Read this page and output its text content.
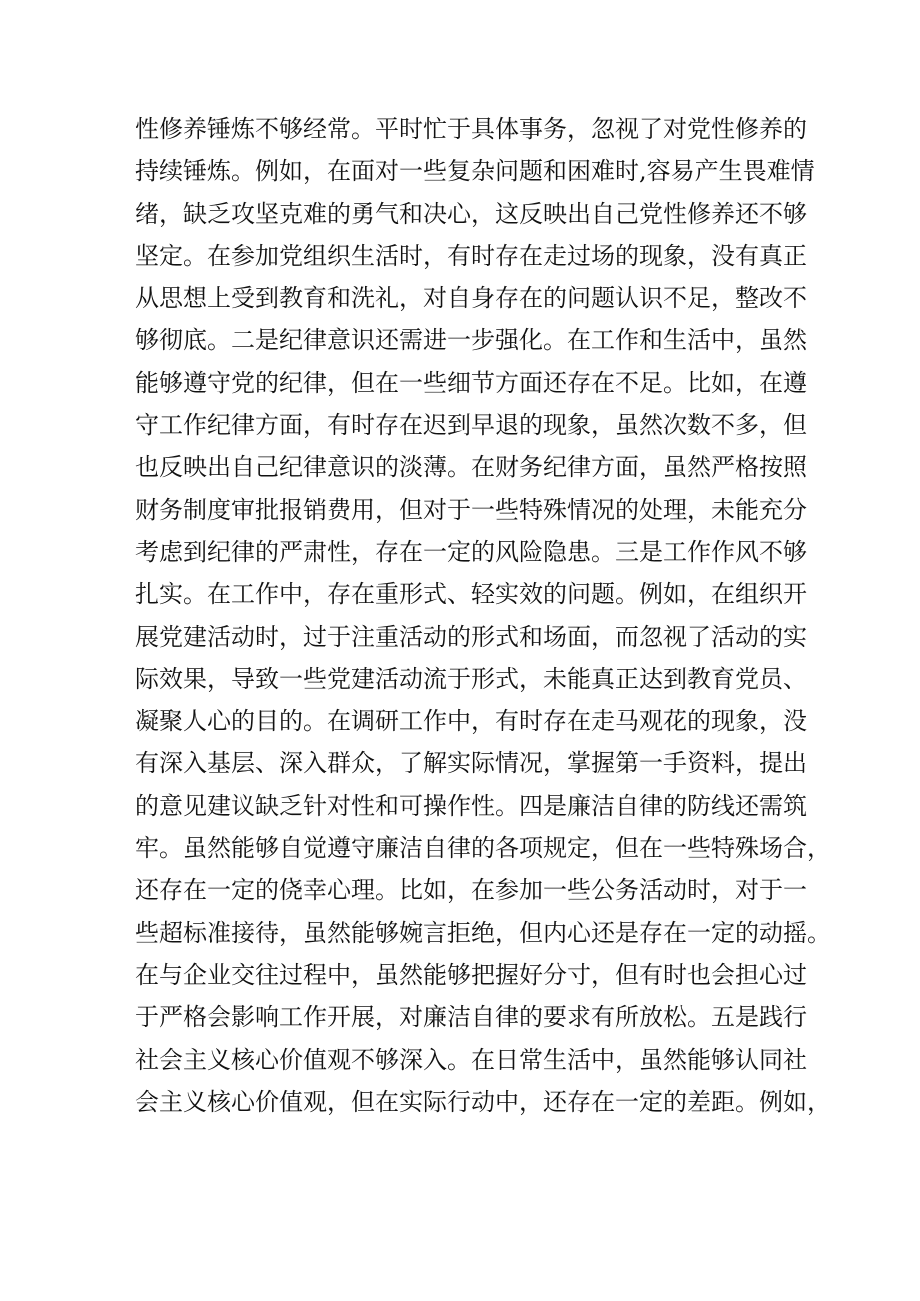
性修养锤炼不够经常。平时忙于具体事务，忽视了对党性修养的
持续锤炼。例如，在面对一些复杂问题和困难时,容易产生畏难情
绪，缺乏攻坚克难的勇气和决心，这反映出自己党性修养还不够
坚定。在参加党组织生活时，有时存在走过场的现象，没有真正
从思想上受到教育和洗礼，对自身存在的问题认识不足，整改不
够彻底。二是纪律意识还需进一步强化。在工作和生活中，虽然
能够遵守党的纪律，但在一些细节方面还存在不足。比如，在遵
守工作纪律方面，有时存在迟到早退的现象，虽然次数不多，但
也反映出自己纪律意识的淡薄。在财务纪律方面，虽然严格按照
财务制度审批报销费用，但对于一些特殊情况的处理，未能充分
考虑到纪律的严肃性，存在一定的风险隐患。三是工作作风不够
扎实。在工作中，存在重形式、轻实效的问题。例如，在组织开
展党建活动时，过于注重活动的形式和场面，而忽视了活动的实
际效果，导致一些党建活动流于形式，未能真正达到教育党员、
凝聚人心的目的。在调研工作中，有时存在走马观花的现象，没
有深入基层、深入群众，了解实际情况，掌握第一手资料，提出
的意见建议缺乏针对性和可操作性。四是廉洁自律的防线还需筑
牢。虽然能够自觉遵守廉洁自律的各项规定，但在一些特殊场合，
还存在一定的侥幸心理。比如，在参加一些公务活动时，对于一
些超标准接待，虽然能够婉言拒绝，但内心还是存在一定的动摇。
在与企业交往过程中，虽然能够把握好分寸，但有时也会担心过
于严格会影响工作开展，对廉洁自律的要求有所放松。五是践行
社会主义核心价值观不够深入。在日常生活中，虽然能够认同社
会主义核心价值观，但在实际行动中，还存在一定的差距。例如，
